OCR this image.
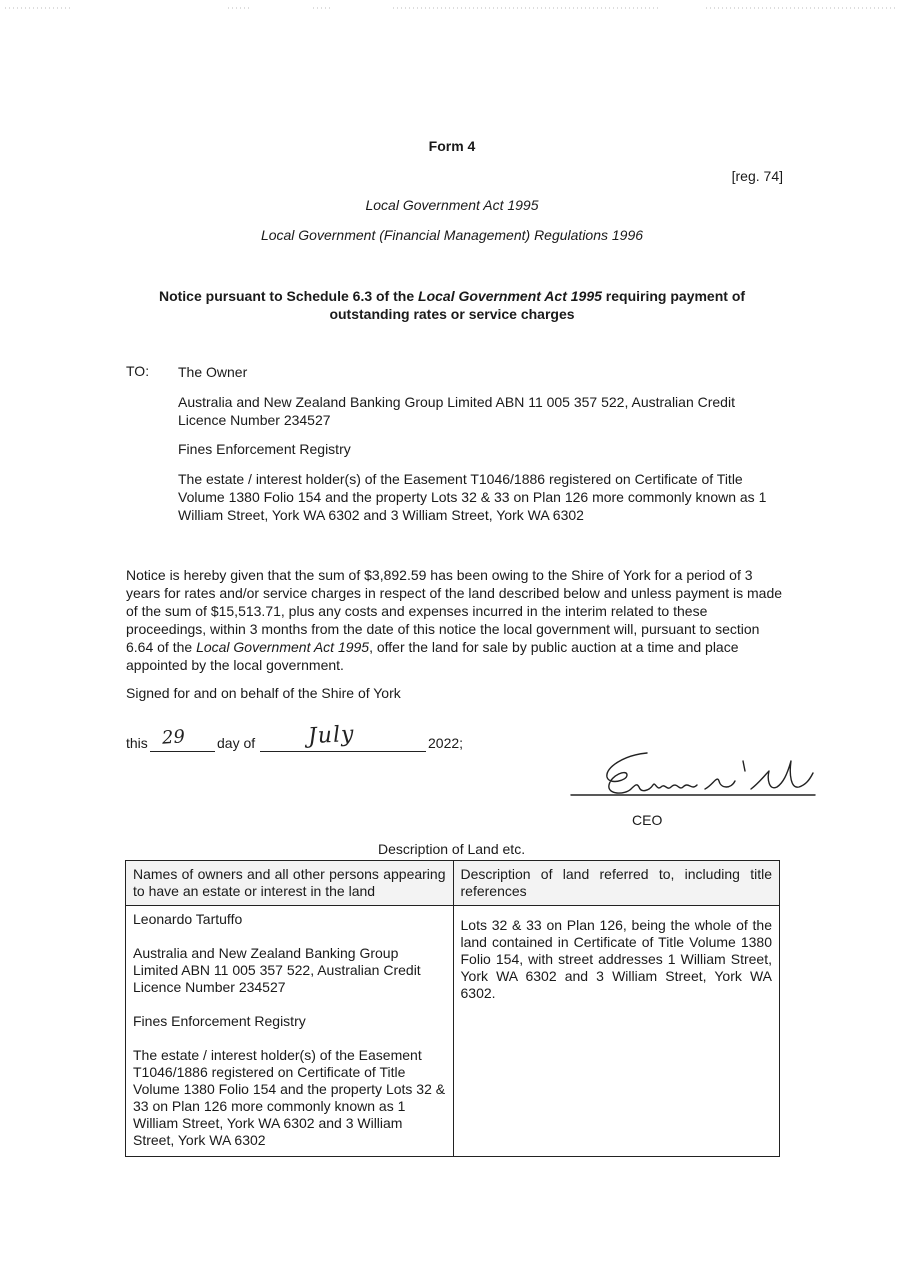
Form 4
[reg. 74]
Local Government Act 1995
Local Government (Financial Management) Regulations 1996
Notice pursuant to Schedule 6.3 of the Local Government Act 1995 requiring payment of
outstanding rates or service charges
TO: The Owner
Australia and New Zealand Banking Group Limited ABN 11 005 357 522, Australian Credit Licence Number 234527
Fines Enforcement Registry
The estate / interest holder(s) of the Easement T1046/1886 registered on Certificate of Title Volume 1380 Folio 154 and the property Lots 32 & 33 on Plan 126 more commonly known as 1 William Street, York WA 6302 and 3 William Street, York WA 6302

Notice is hereby given that the sum of $3,892.59 has been owing to the Shire of York for a period of 3 years for rates and/or service charges in respect of the land described below and unless payment is made of the sum of $15,513.71, plus any costs and expenses incurred in the interim related to these proceedings, within 3 months from the date of this notice the local government will, pursuant to section 6.64 of the Local Government Act 1995, offer the land for sale by public auction at a time and place appointed by the local government.

Signed for and on behalf of the Shire of York
this 29 day of July	2022;
CEO
Description of Land etc.
Names of owners and all other persons appearing to have an estate or interest in the land	Description of land referred to, including title references

Leonardo Tartuffo
Australia and New Zealand Banking Group Limited ABN 11 005 357 522, Australian Credit Licence Number 234527
Fines Enforcement Registry
The estate / interest holder(s) of the Easement T1046/1886 registered on Certificate of Title Volume 1380 Folio 154 and the property Lots 32 & 33 on Plan 126 more commonly known as 1 William Street, York WA 6302 and 3 William Street, York WA 6302	Lots 32 & 33 on Plan 126, being the whole of the land contained in Certificate of Title Volume 1380 Folio 154, with street addresses 1 William Street, York WA 6302 and 3 William Street, York WA 6302.
